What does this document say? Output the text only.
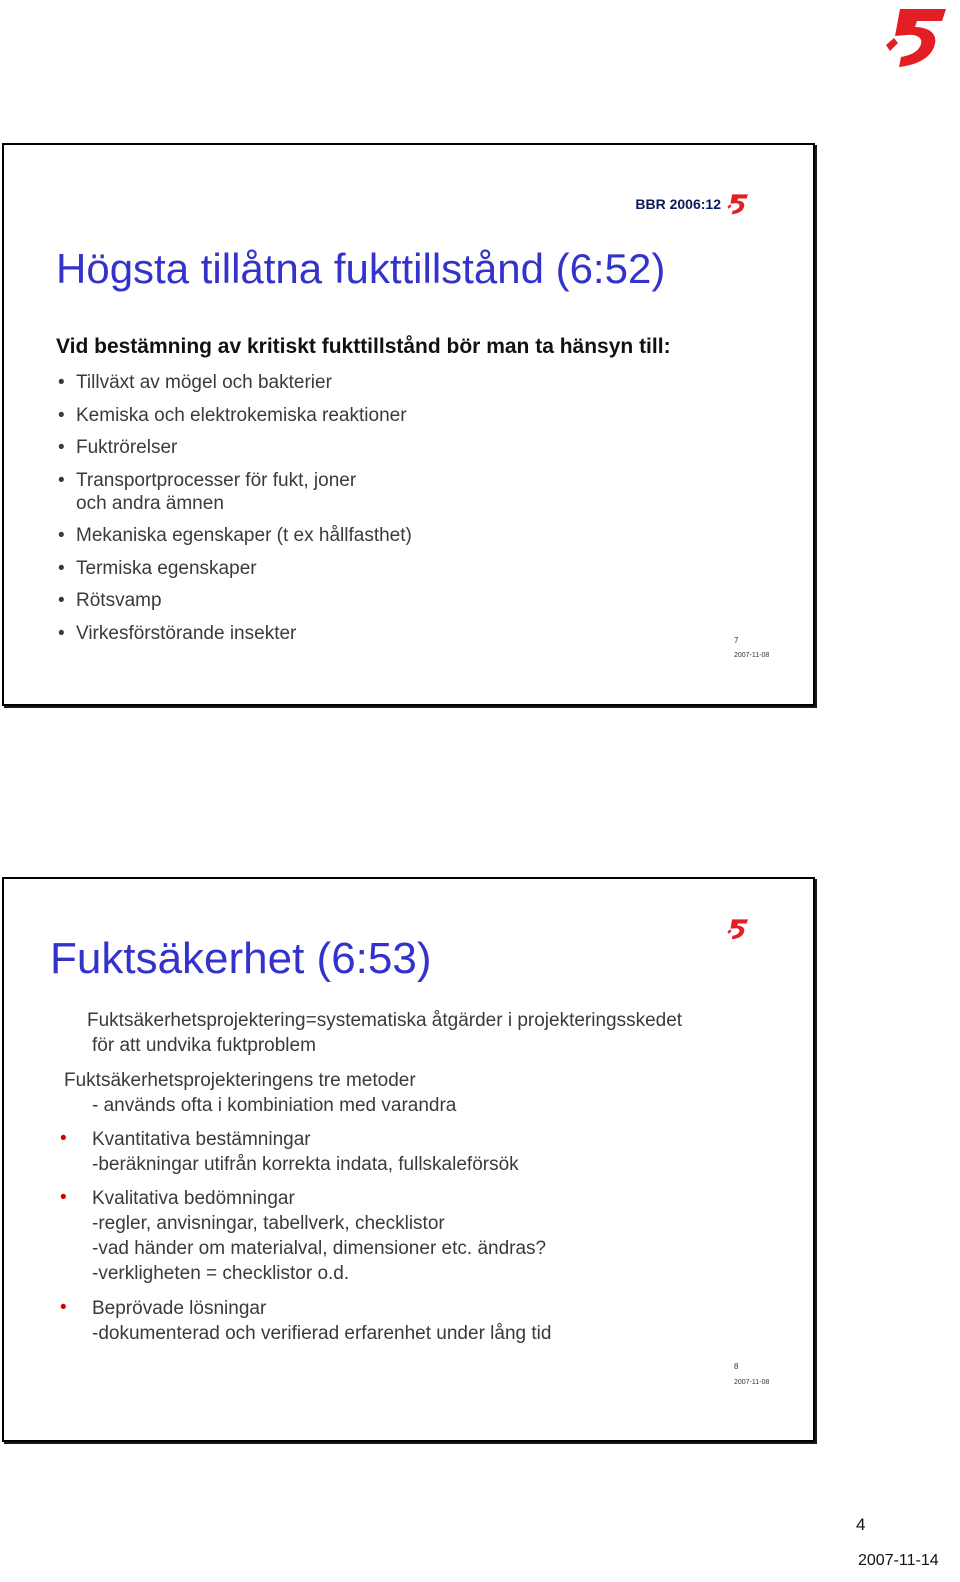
BBR 2006:12
Högsta tillåtna fukttillstånd (6:52)
Vid bestämning av kritiskt fukttillstånd bör man ta hänsyn till:
• Tillväxt av mögel och bakterier
• Kemiska och elektrokemiska reaktioner
• Fuktrörelser
• Transportprocesser för fukt, joner
och andra ämnen
• Mekaniska egenskaper (t ex hållfasthet)
• Termiska egenskaper
• Rötsvamp
• Virkesförstörande insekter	7
2007-11-08
Fuktsäkerhet (6:53)
Fuktsäkerhetsprojektering=systematiska åtgärder i projekteringsskedet
för att undvika fuktproblem
Fuktsäkerhetsprojekteringens tre metoder
- används ofta i kombiniation med varandra
• Kvantitativa bestämningar
-beräkningar utifrån korrekta indata, fullskaleförsök
• Kvalitativa bedömningar
-regler, anvisningar, tabellverk, checklistor
-vad händer om materialval, dimensioner etc. ändras?
-verkligheten = checklistor o.d.
• Beprövade lösningar
-dokumenterad och verifierad erfarenhet under lång tid
8
2007-11-08
4
2007-11-14
